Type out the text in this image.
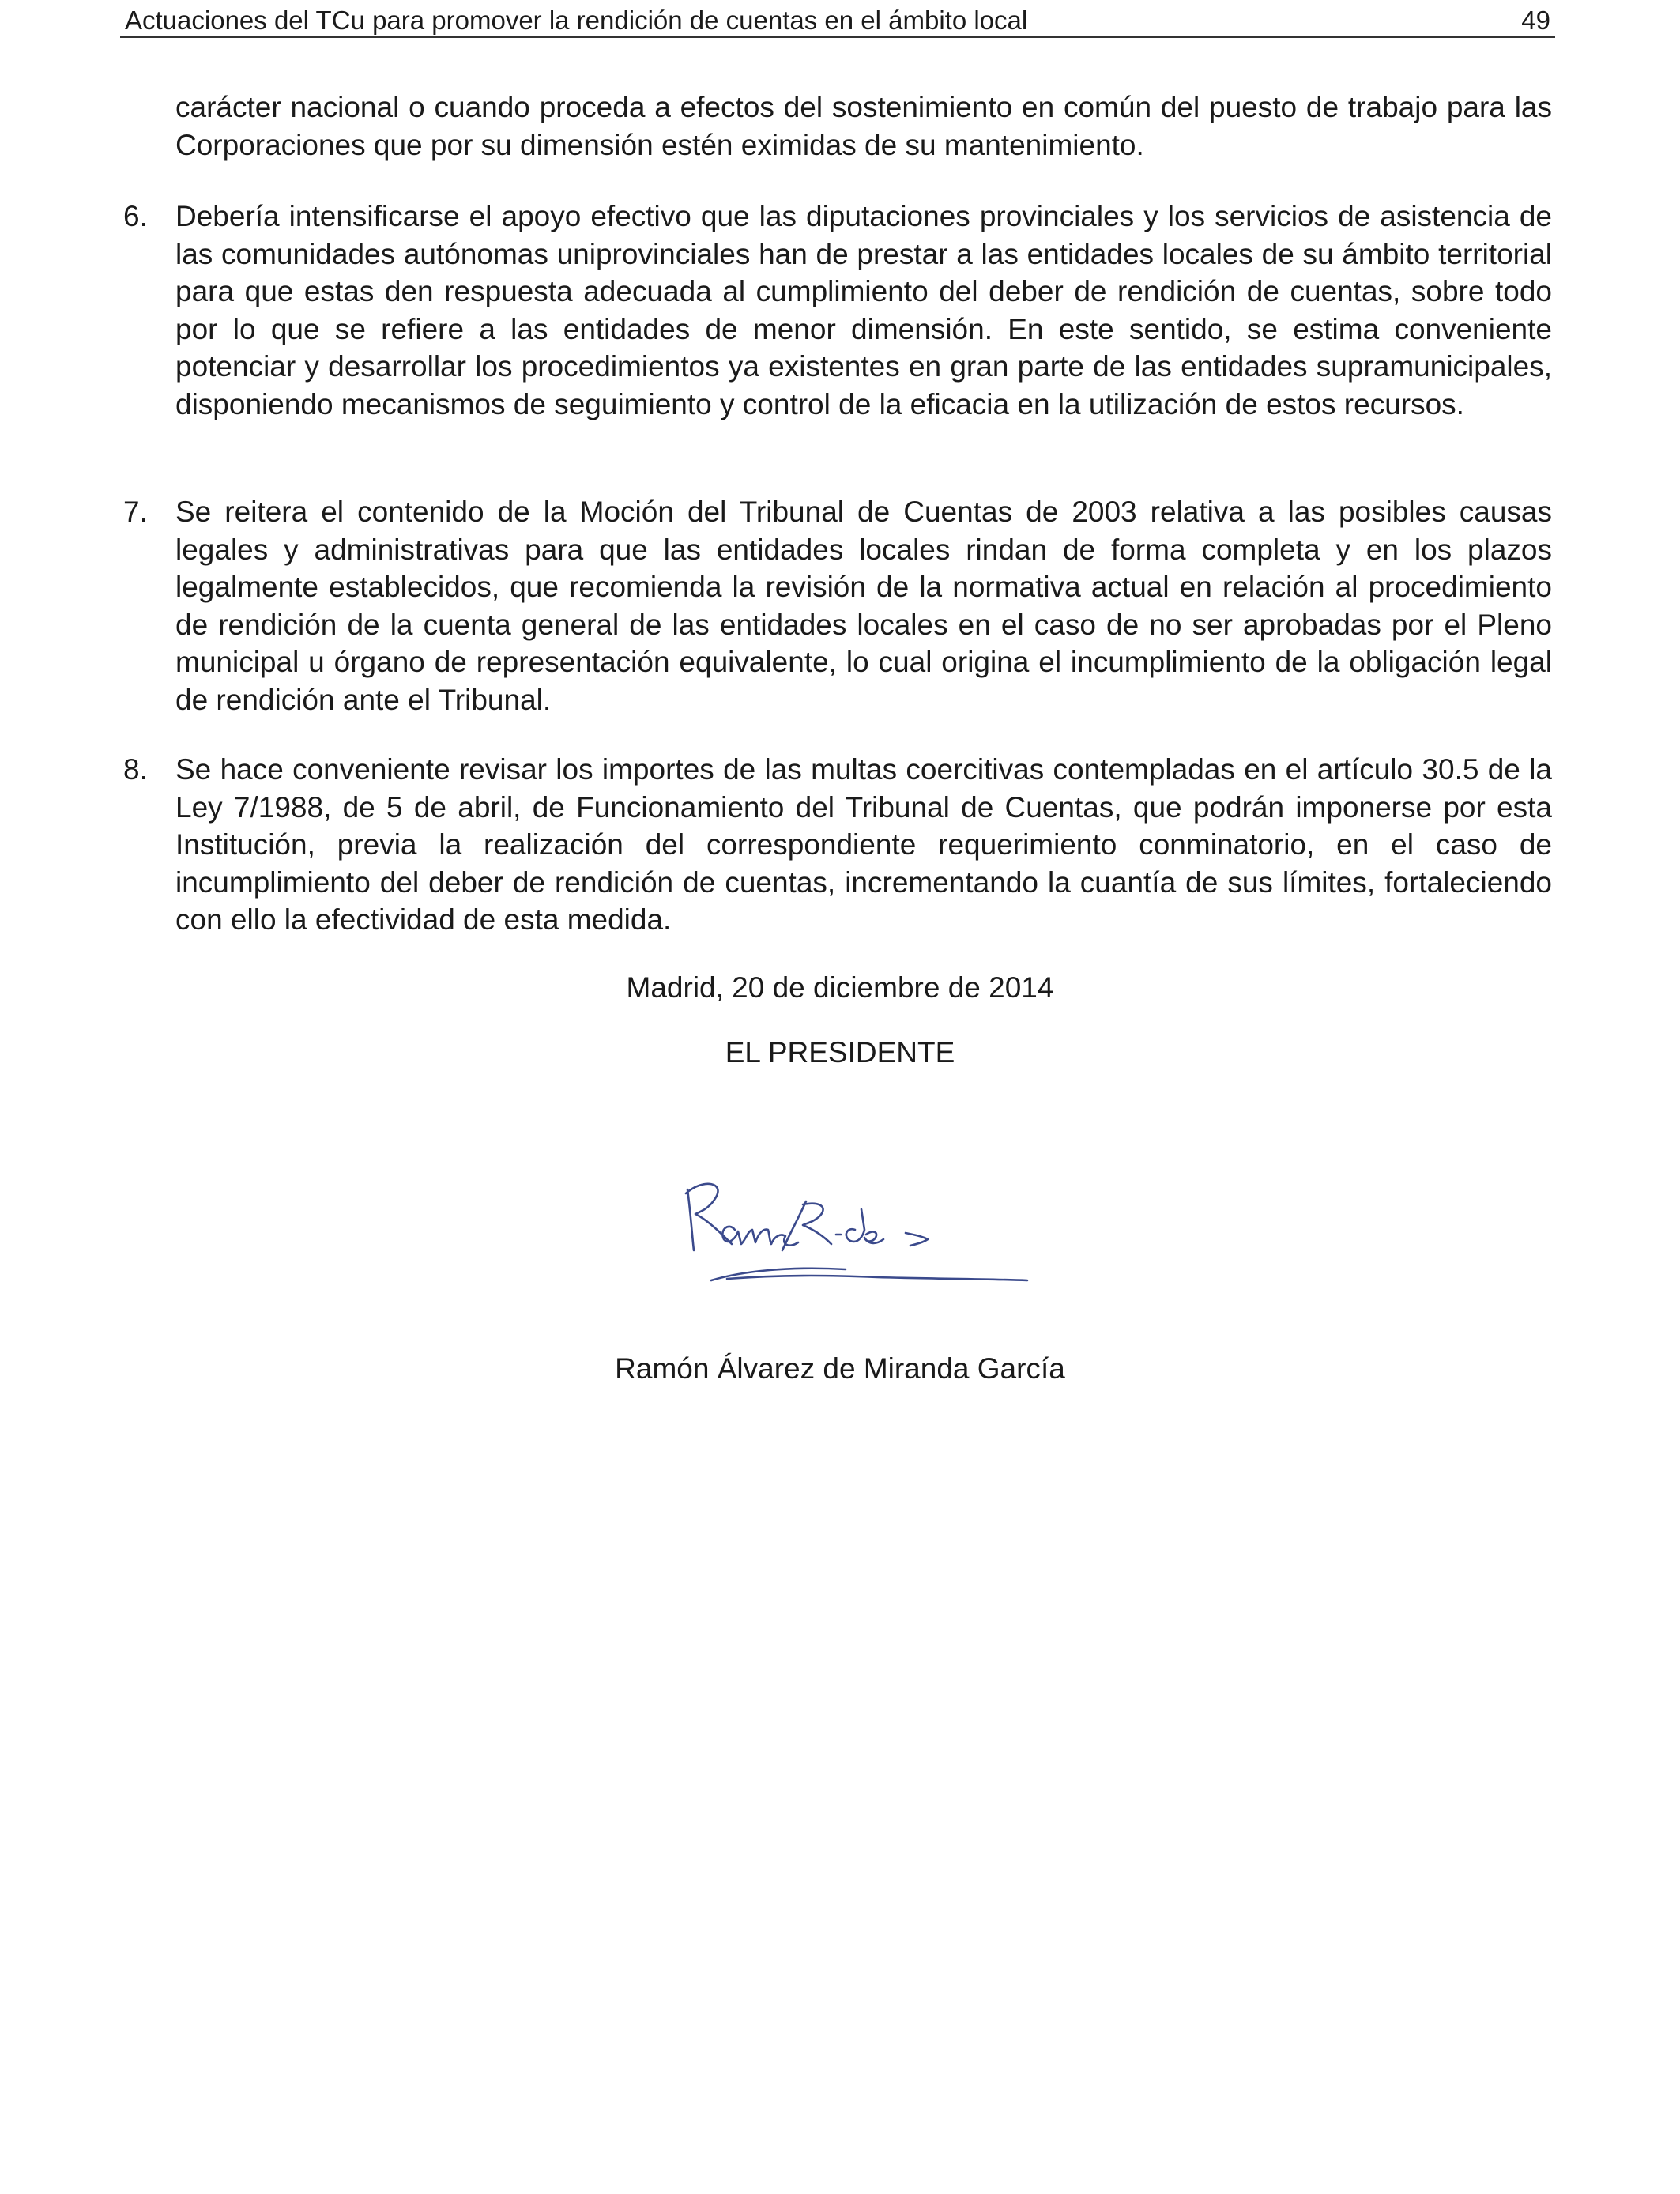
Actuaciones del TCu para promover la rendición de cuentas en el ámbito local	49

carácter nacional o cuando proceda a efectos del sostenimiento en común del puesto de trabajo para las Corporaciones que por su dimensión estén eximidas de su mantenimiento.

6. Debería intensificarse el apoyo efectivo que las diputaciones provinciales y los servicios de asistencia de las comunidades autónomas uniprovinciales han de prestar a las entidades locales de su ámbito territorial para que estas den respuesta adecuada al cumplimiento del deber de rendición de cuentas, sobre todo por lo que se refiere a las entidades de menor dimensión. En este sentido, se estima conveniente potenciar y desarrollar los procedimientos ya existentes en gran parte de las entidades supramunicipales, disponiendo mecanismos de seguimiento y control de la eficacia en la utilización de estos recursos.

7. Se reitera el contenido de la Moción del Tribunal de Cuentas de 2003 relativa a las posibles causas legales y administrativas para que las entidades locales rindan de forma completa y en los plazos legalmente establecidos, que recomienda la revisión de la normativa actual en relación al procedimiento de rendición de la cuenta general de las entidades locales en el caso de no ser aprobadas por el Pleno municipal u órgano de representación equivalente, lo cual origina el incumplimiento de la obligación legal de rendición ante el Tribunal.

8. Se hace conveniente revisar los importes de las multas coercitivas contempladas en el artículo 30.5 de la Ley 7/1988, de 5 de abril, de Funcionamiento del Tribunal de Cuentas, que podrán imponerse por esta Institución, previa la realización del correspondiente requerimiento conminatorio, en el caso de incumplimiento del deber de rendición de cuentas, incrementando la cuantía de sus límites, fortaleciendo con ello la efectividad de esta medida.

Madrid, 20 de diciembre de 2014
EL PRESIDENTE
Ramón Álvarez de Miranda García
